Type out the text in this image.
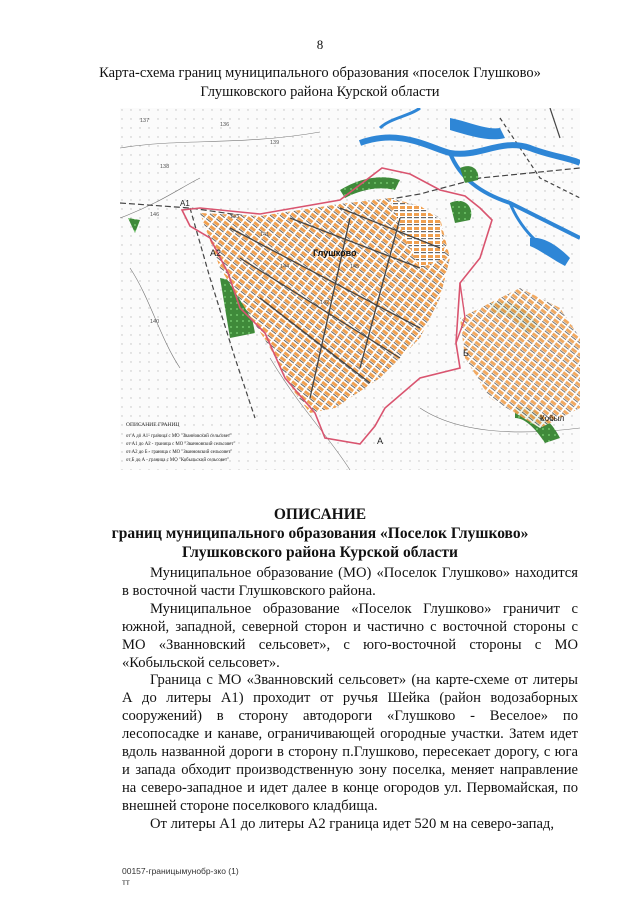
8
Карта-схема границ муниципального образования «поселок Глушково»
Глушковского района Курской области
А2
А1
Б
А
Глушково
Кобыл
137
136
139
138
140
141
142
143
144	145
146
ОПИСАНИЕ ГРАНИЦ
от А до А1- граница с МО "Званновский сельсовет"
от А1 до А2 - граница с МО "Званновский сельсовет"
от А2 до Б - граница с МО "Званновский сельсовет"
от Б до А - граница с МО "Кобыльский сельсовет"
ОПИСАНИЕ
границ муниципального образования «Поселок Глушково»
Глушковского района Курской области

Муниципальное образование (МО) «Поселок Глушково» находится в восточной части Глушковского района.

Муниципальное образование «Поселок Глушково» граничит с южной, западной, северной сторон и частично с восточной стороны с МО «Званновский сельсовет», с юго-восточной стороны с МО «Кобыльской сельсовет».

Граница с МО «Званновский сельсовет» (на карте-схеме от литеры А до литеры А1) проходит от ручья Шейка (район водозаборных сооружений) в сторону автодороги «Глушково - Веселое» по лесопосадке и канаве, ограничивающей огородные участки. Затем идет вдоль названной дороги в сторону п.Глушково, пересекает дорогу, с юга и запада обходит производственную зону поселка, меняет направление на северо-западное и идет далее в конце огородов ул. Первомайская, по внешней стороне поселкового кладбища.

От литеры А1 до литеры А2 граница идет 520 м на северо-запад,

00157-границымунобр-зко (1)
тт
